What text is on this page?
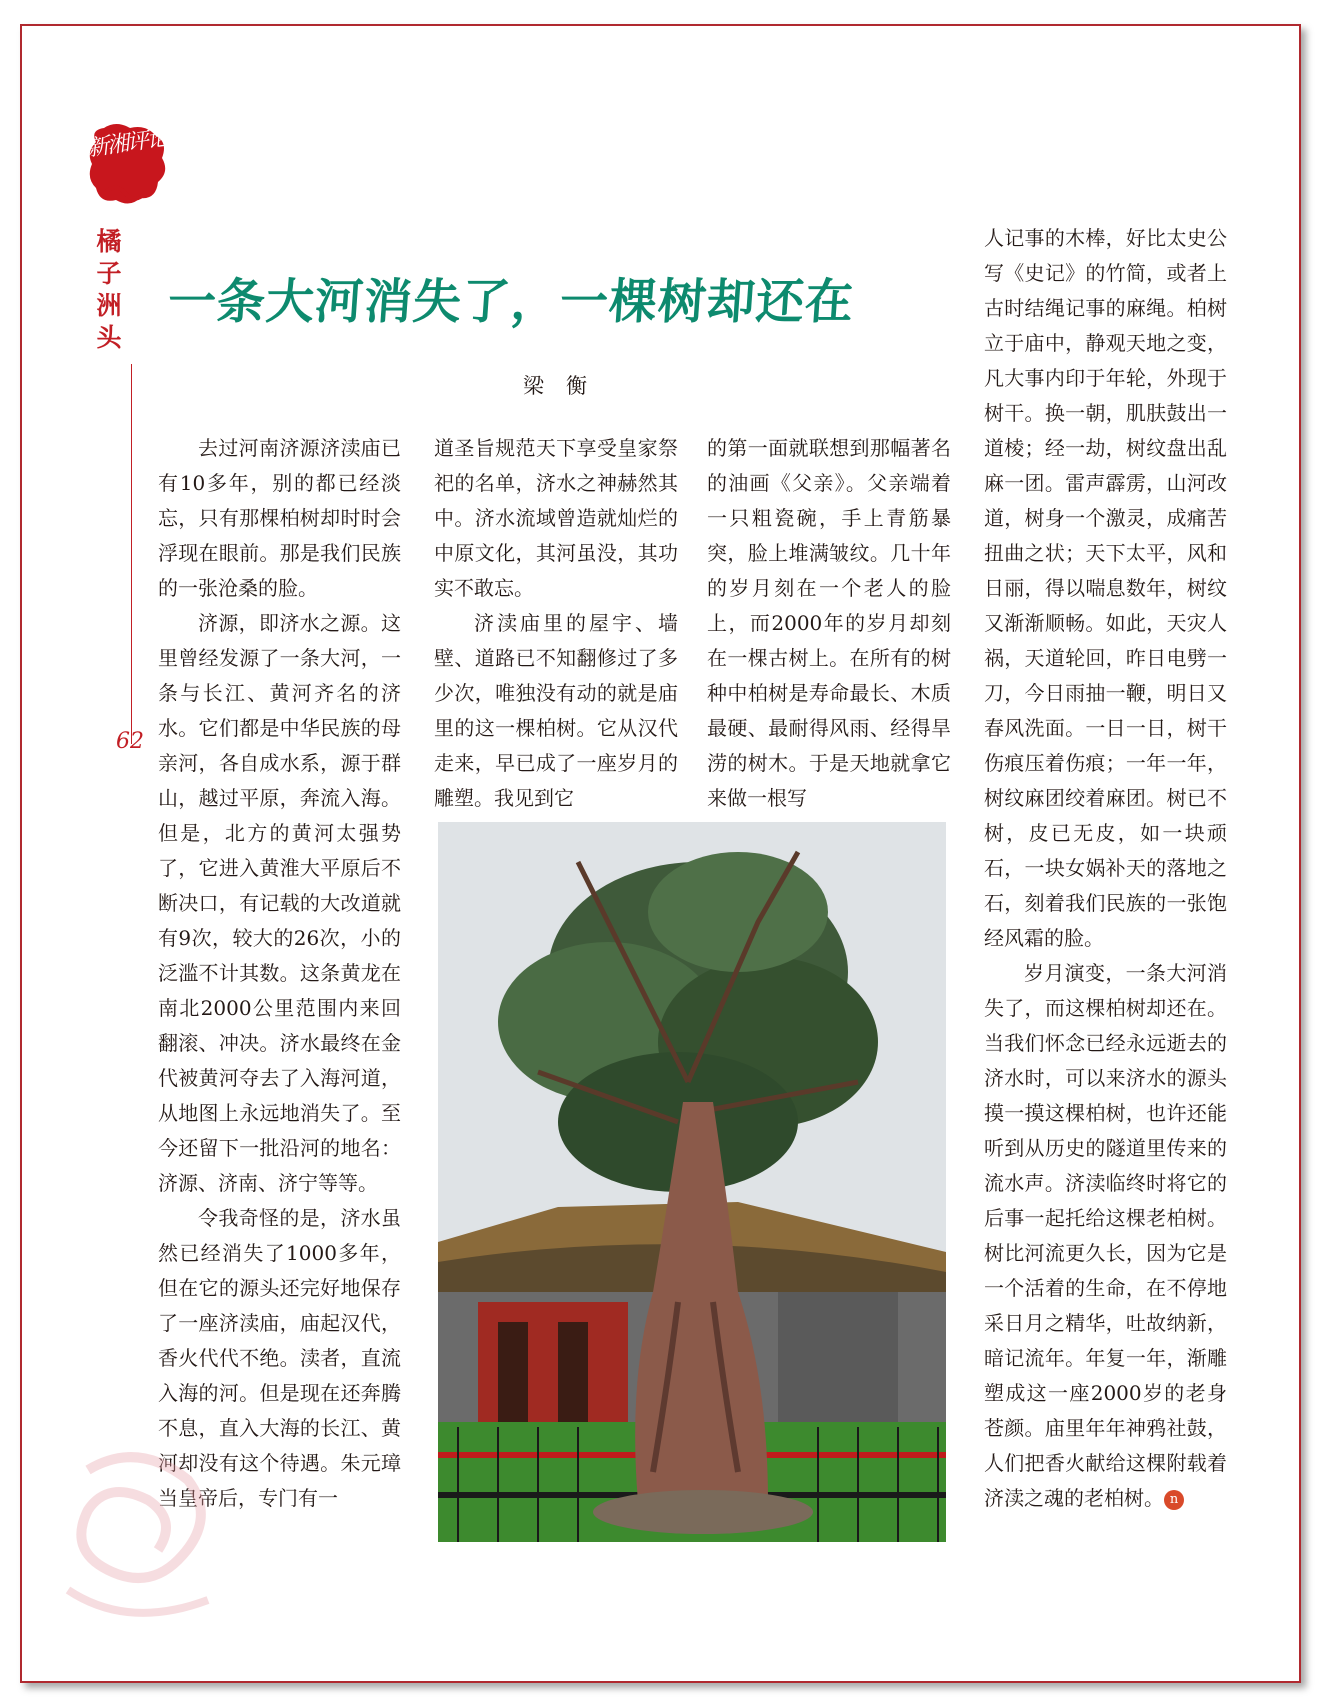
新湘评论
橘子洲头
62
一条大河消失了，一棵树却还在
梁衡

去过河南济源济渎庙已有10多年，别的都已经淡忘，只有那棵柏树却时时会浮现在眼前。那是我们民族的一张沧桑的脸。

济源，即济水之源。这里曾经发源了一条大河，一条与长江、黄河齐名的济水。它们都是中华民族的母亲河，各自成水系，源于群山，越过平原，奔流入海。但是，北方的黄河太强势了，它进入黄淮大平原后不断决口，有记载的大改道就有9次，较大的26次，小的泛滥不计其数。这条黄龙在南北2000公里范围内来回翻滚、冲决。济水最终在金代被黄河夺去了入海河道，从地图上永远地消失了。至今还留下一批沿河的地名：济源、济南、济宁等等。

令我奇怪的是，济水虽然已经消失了1000多年，但在它的源头还完好地保存了一座济渎庙，庙起汉代，香火代代不绝。渎者，直流入海的河。但是现在还奔腾不息，直入大海的长江、黄河却没有这个待遇。朱元璋当皇帝后，专门有一

道圣旨规范天下享受皇家祭祀的名单，济水之神赫然其中。济水流域曾造就灿烂的中原文化，其河虽没，其功实不敢忘。

济渎庙里的屋宇、墙壁、道路已不知翻修过了多少次，唯独没有动的就是庙里的这一棵柏树。它从汉代走来，早已成了一座岁月的雕塑。我见到它

的第一面就联想到那幅著名的油画《父亲》。父亲端着一只粗瓷碗，手上青筋暴突，脸上堆满皱纹。几十年的岁月刻在一个老人的脸上，而2000年的岁月却刻在一棵古树上。在所有的树种中柏树是寿命最长、木质最硬、最耐得风雨、经得旱涝的树木。于是天地就拿它来做一根写

人记事的木棒，好比太史公写《史记》的竹简，或者上古时结绳记事的麻绳。柏树立于庙中，静观天地之变，凡大事内印于年轮，外现于树干。换一朝，肌肤鼓出一道棱；经一劫，树纹盘出乱麻一团。雷声霹雳，山河改道，树身一个激灵，成痛苦扭曲之状；天下太平，风和日丽，得以喘息数年，树纹又渐渐顺畅。如此，天灾人祸，天道轮回，昨日电劈一刀，今日雨抽一鞭，明日又春风洗面。一日一日，树干伤痕压着伤痕；一年一年，树纹麻团绞着麻团。树已不树，皮已无皮，如一块顽石，一块女娲补天的落地之石，刻着我们民族的一张饱经风霜的脸。

岁月演变，一条大河消失了，而这棵柏树却还在。当我们怀念已经永远逝去的济水时，可以来济水的源头摸一摸这棵柏树，也许还能听到从历史的隧道里传来的流水声。济渎临终时将它的后事一起托给这棵老柏树。树比河流更久长，因为它是一个活着的生命，在不停地采日月之精华，吐故纳新，暗记流年。年复一年，渐雕塑成这一座2000岁的老身苍颜。庙里年年神鸦社鼓，人们把香火献给这棵附载着济渎之魂的老柏树。 n
